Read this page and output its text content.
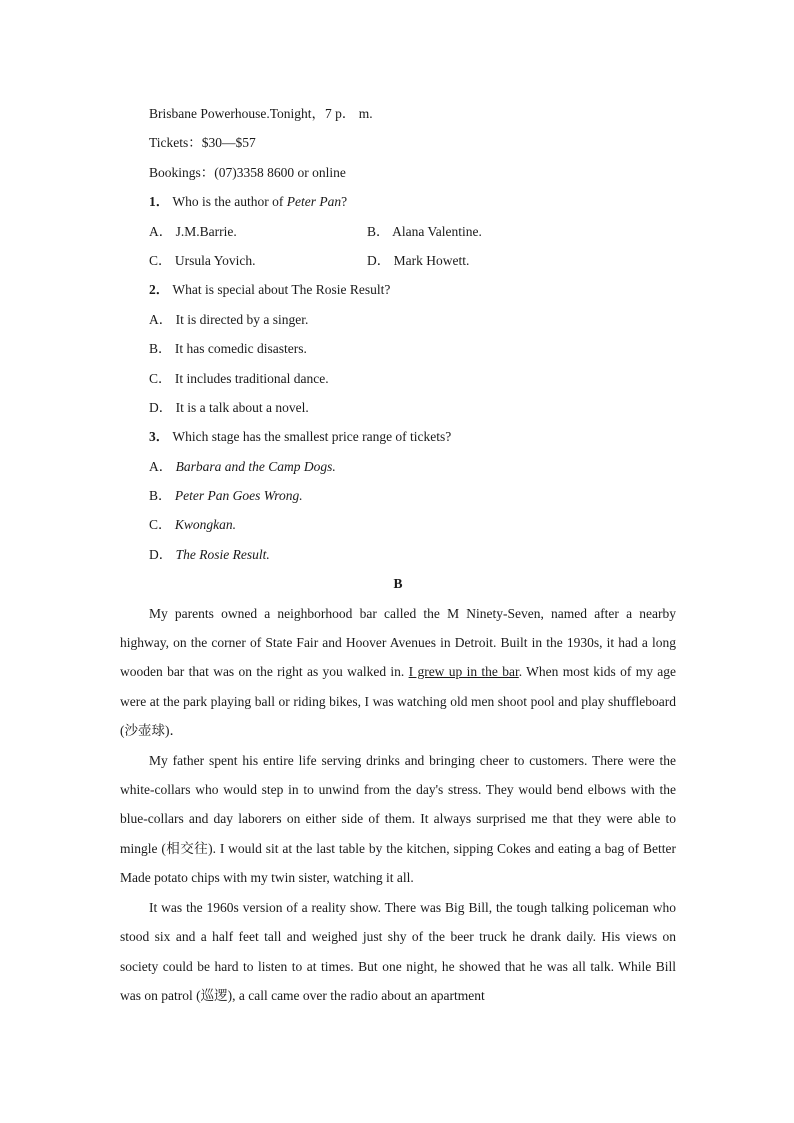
Brisbane Powerhouse.Tonight，7 p． m.
Tickets：$30—$57
Bookings：(07)3358 8600 or online
1． Who is the author of Peter Pan?
A． J.M.Barrie.	B． Alana Valentine.
C． Ursula Yovich.	D． Mark Howett.
2． What is special about The Rosie Result?
A． It is directed by a singer.
B． It has comedic disasters.
C． It includes traditional dance.
D． It is a talk about a novel.
3． Which stage has the smallest price range of tickets?
A． Barbara and the Camp Dogs.
B． Peter Pan Goes Wrong.
C． Kwongkan.
D． The Rosie Result.
B

My parents owned a neighborhood bar called the M Ninety-Seven, named after a nearby highway, on the corner of State Fair and Hoover Avenues in Detroit. Built in the 1930s, it had a long wooden bar that was on the right as you walked in. I grew up in the bar. When most kids of my age were at the park playing ball or riding bikes, I was watching old men shoot pool and play shuffleboard (沙壶球)．

My father spent his entire life serving drinks and bringing cheer to customers. There were the white-collars who would step in to unwind from the day's stress. They would bend elbows with the blue-collars and day laborers on either side of them. It always surprised me that they were able to mingle (相交往). I would sit at the last table by the kitchen, sipping Cokes and eating a bag of Better Made potato chips with my twin sister, watching it all.

It was the 1960s version of a reality show. There was Big Bill, the tough talking policeman who stood six and a half feet tall and weighed just shy of the beer truck he drank daily. His views on society could be hard to listen to at times. But one night, he showed that he was all talk. While Bill was on patrol (巡逻), a call came over the radio about an apartment
